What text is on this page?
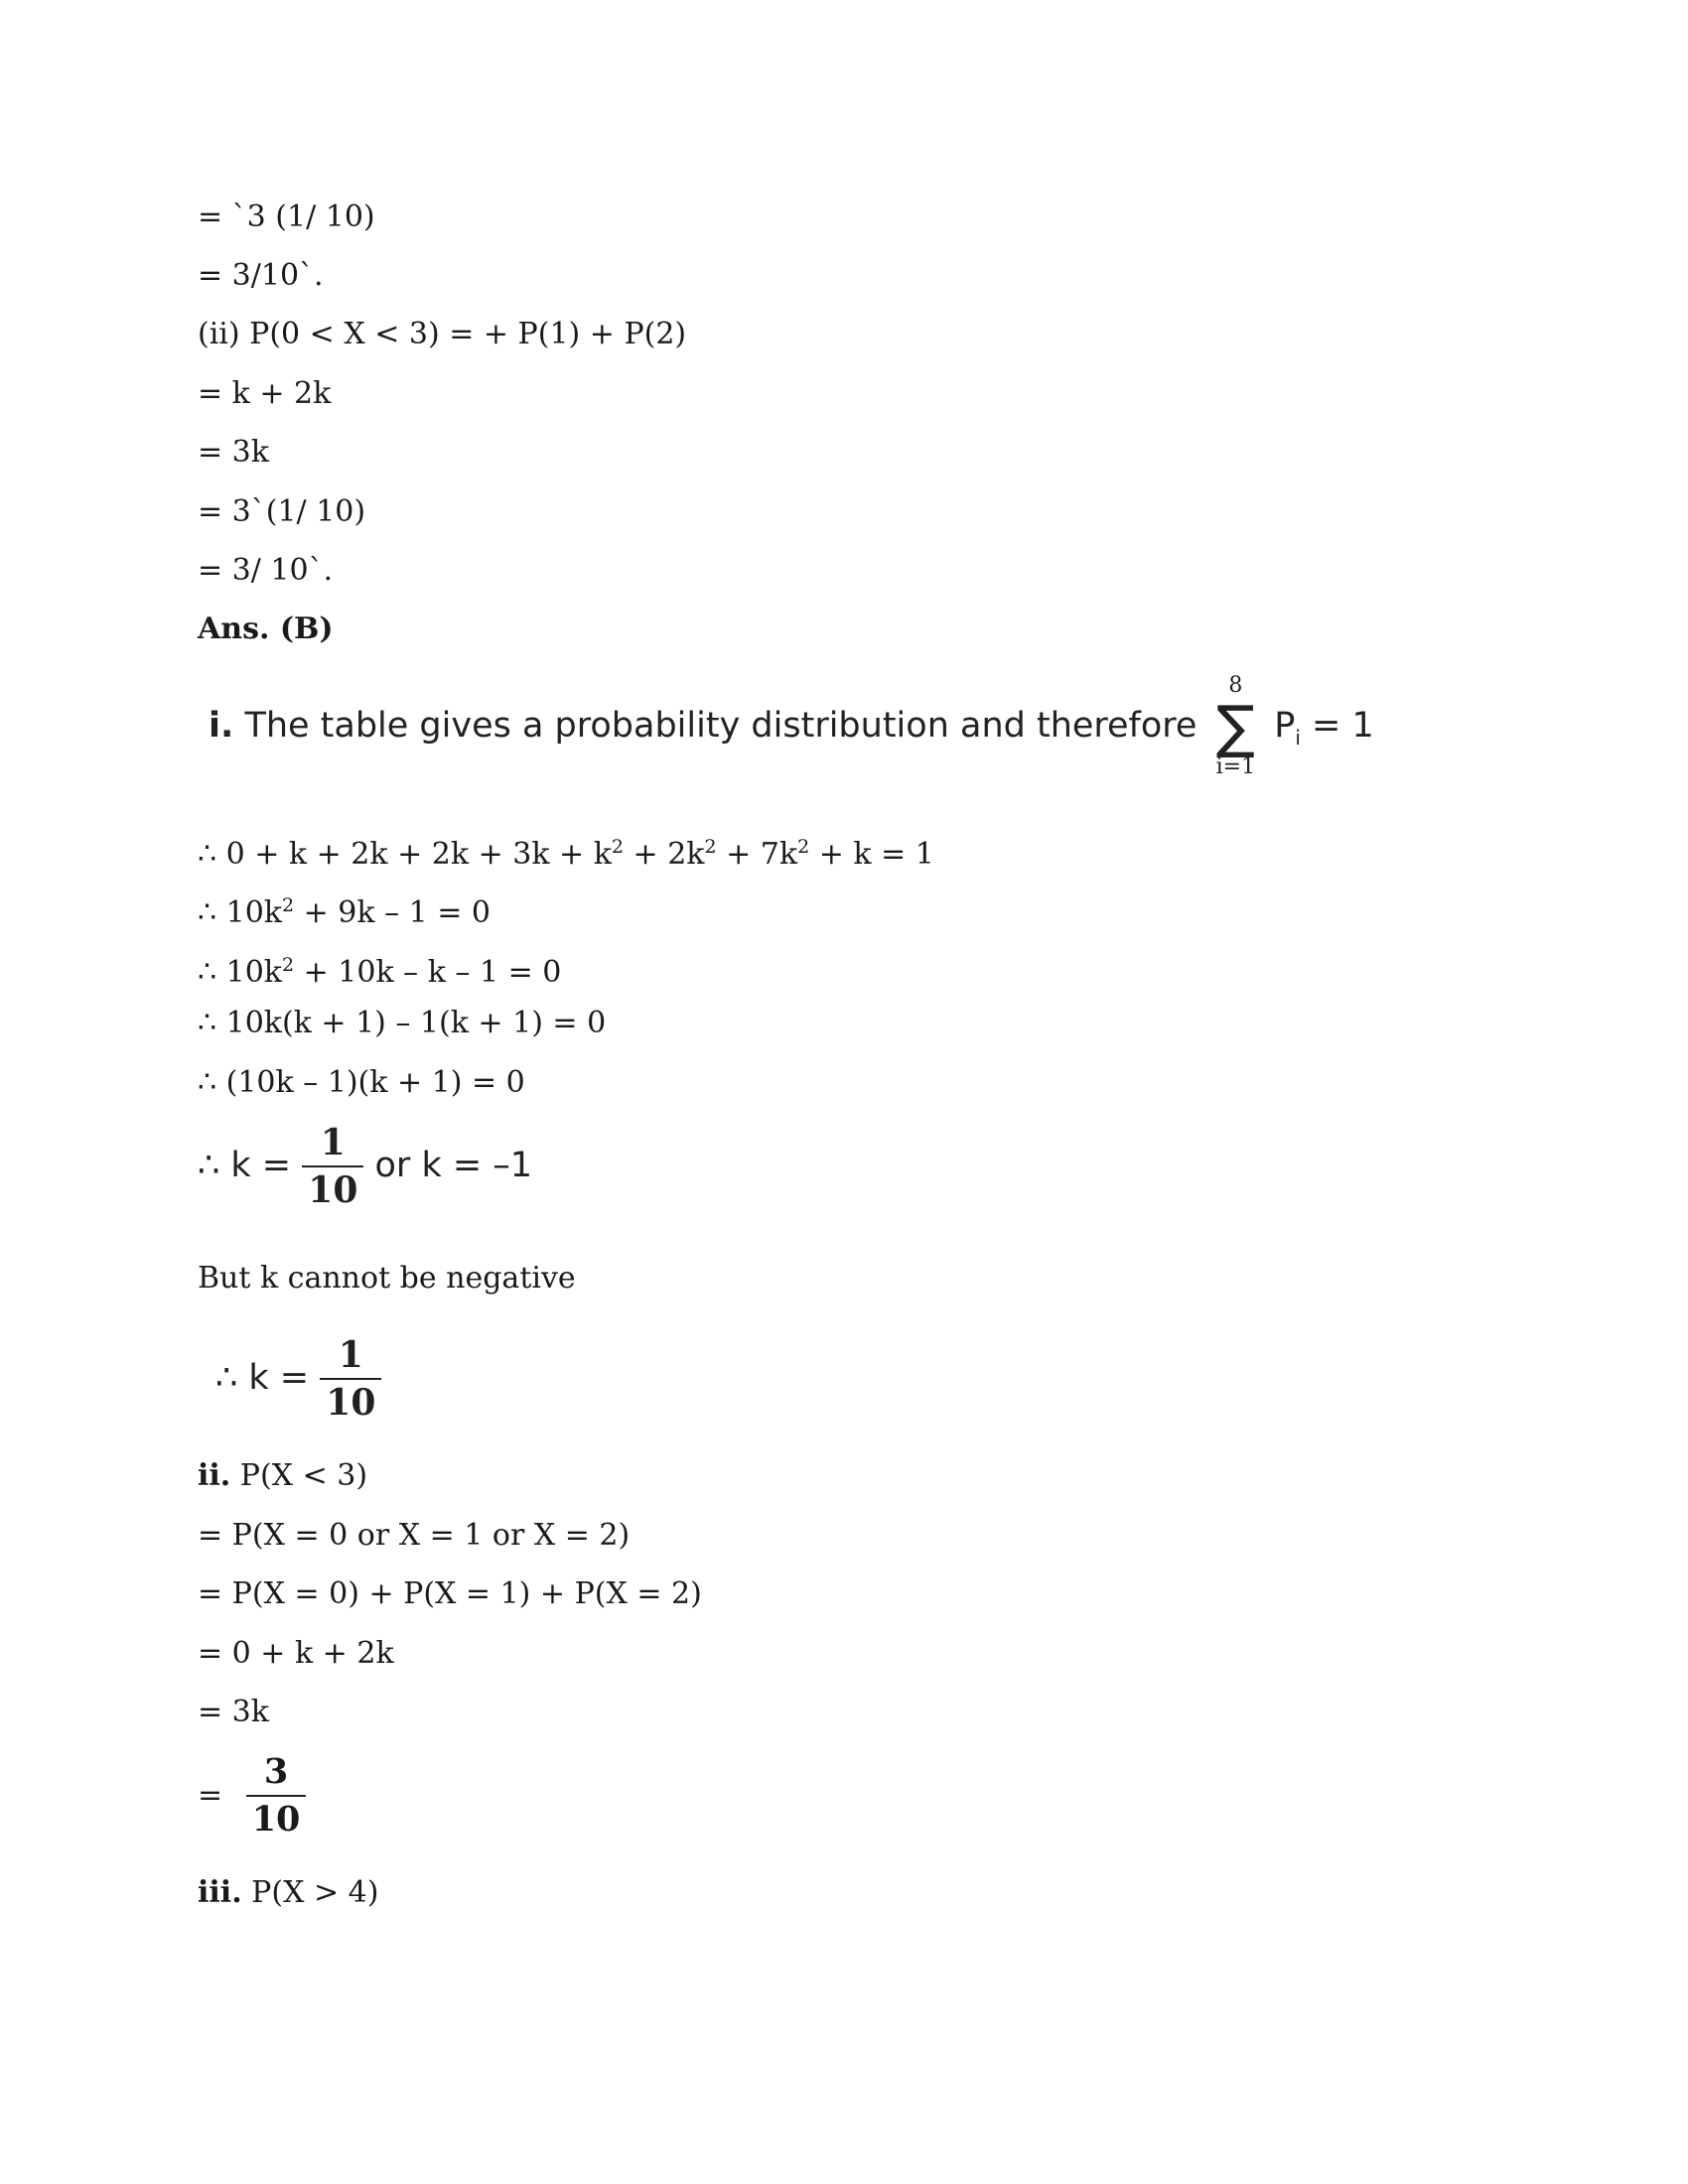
= `3 (1/ 10)
= 3/10`.
(ii) P(0 < X < 3) = + P(1) + P(2)
= k + 2k
= 3k
= 3`(1/ 10)
= 3/ 10`.
Ans. (B)
i. The table gives a probability distribution and therefore
8
∑
i=1
$P_i = 1$
∴ $0 + k + 2k + 2k + 3k + k^2 + 2k^2 + 7k^2 + k = 1$
∴ $10k^2 + 9k - 1 = 0$
∴ $10k^2 + 10k - k - 1 = 0$
∴ 10k(k + 1) – 1(k + 1) = 0
∴ (10k – 1)(k + 1) = 0
∴ $k = \frac{1}{10}$ or k = –1
But k cannot be negative
∴ $k = \frac{1}{10}$
ii. P(X < 3)
= P(X = 0 or X = 1 or X = 2)
= P(X = 0) + P(X = 1) + P(X = 2)
= 0 + k + 2k
= 3k
= $\frac{3}{10}$
iii. P(X > 4)
